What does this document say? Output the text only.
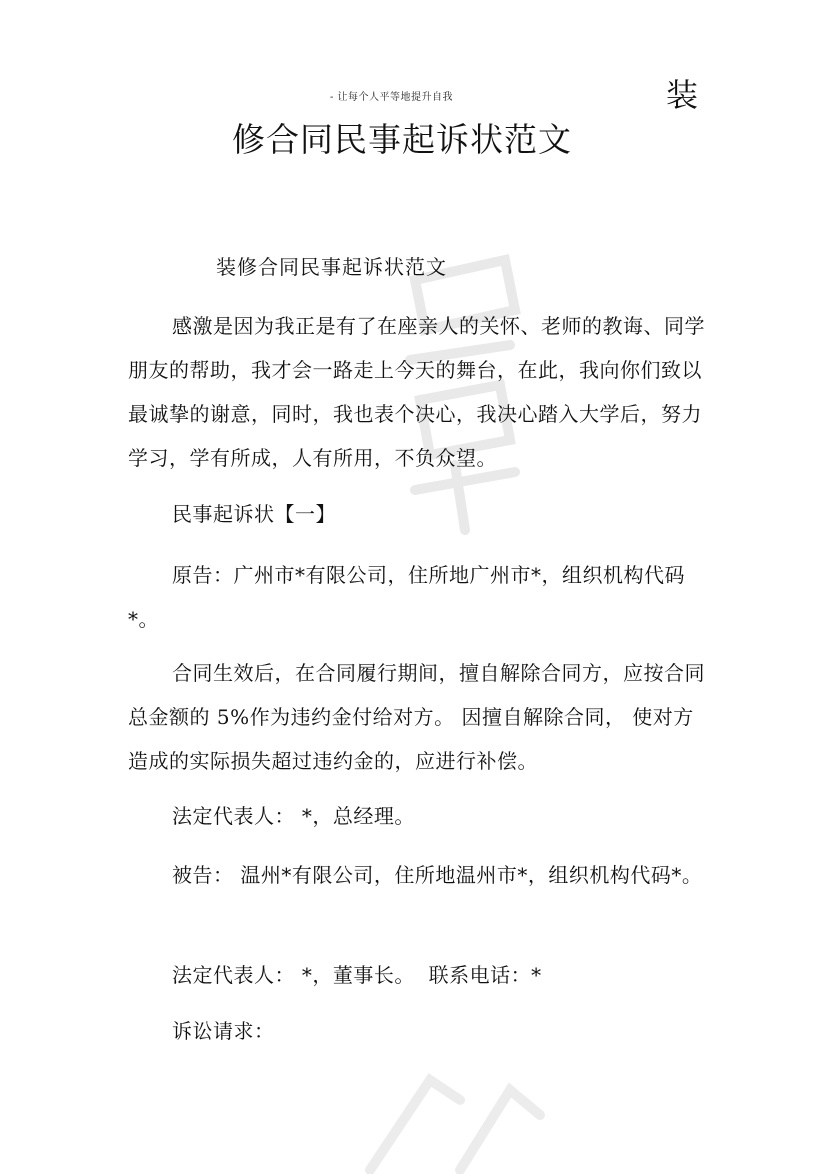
- 让每个人平等地提升自我	装
修合同民事起诉状范文
装修合同民事起诉状范文

感激是因为我正是有了在座亲人的关怀、老师的教诲、同学朋友的帮助，我才会一路走上今天的舞台，在此，我向你们致以最诚挚的谢意，同时，我也表个决心，我决心踏入大学后，努力学习，学有所成，人有所用，不负众望。

民事起诉状【一】

原告：广州市*有限公司，住所地广州市*，组织机构代码*。

合同生效后，在合同履行期间，擅自解除合同方，应按合同总金额的 5%作为违约金付给对方。 因擅自解除合同， 使对方造成的实际损失超过违约金的，应进行补偿。

法定代表人： *，总经理。

被告： 温州*有限公司，住所地温州市*，组织机构代码*。

法定代表人： *，董事长。  联系电话：*
诉讼请求：
